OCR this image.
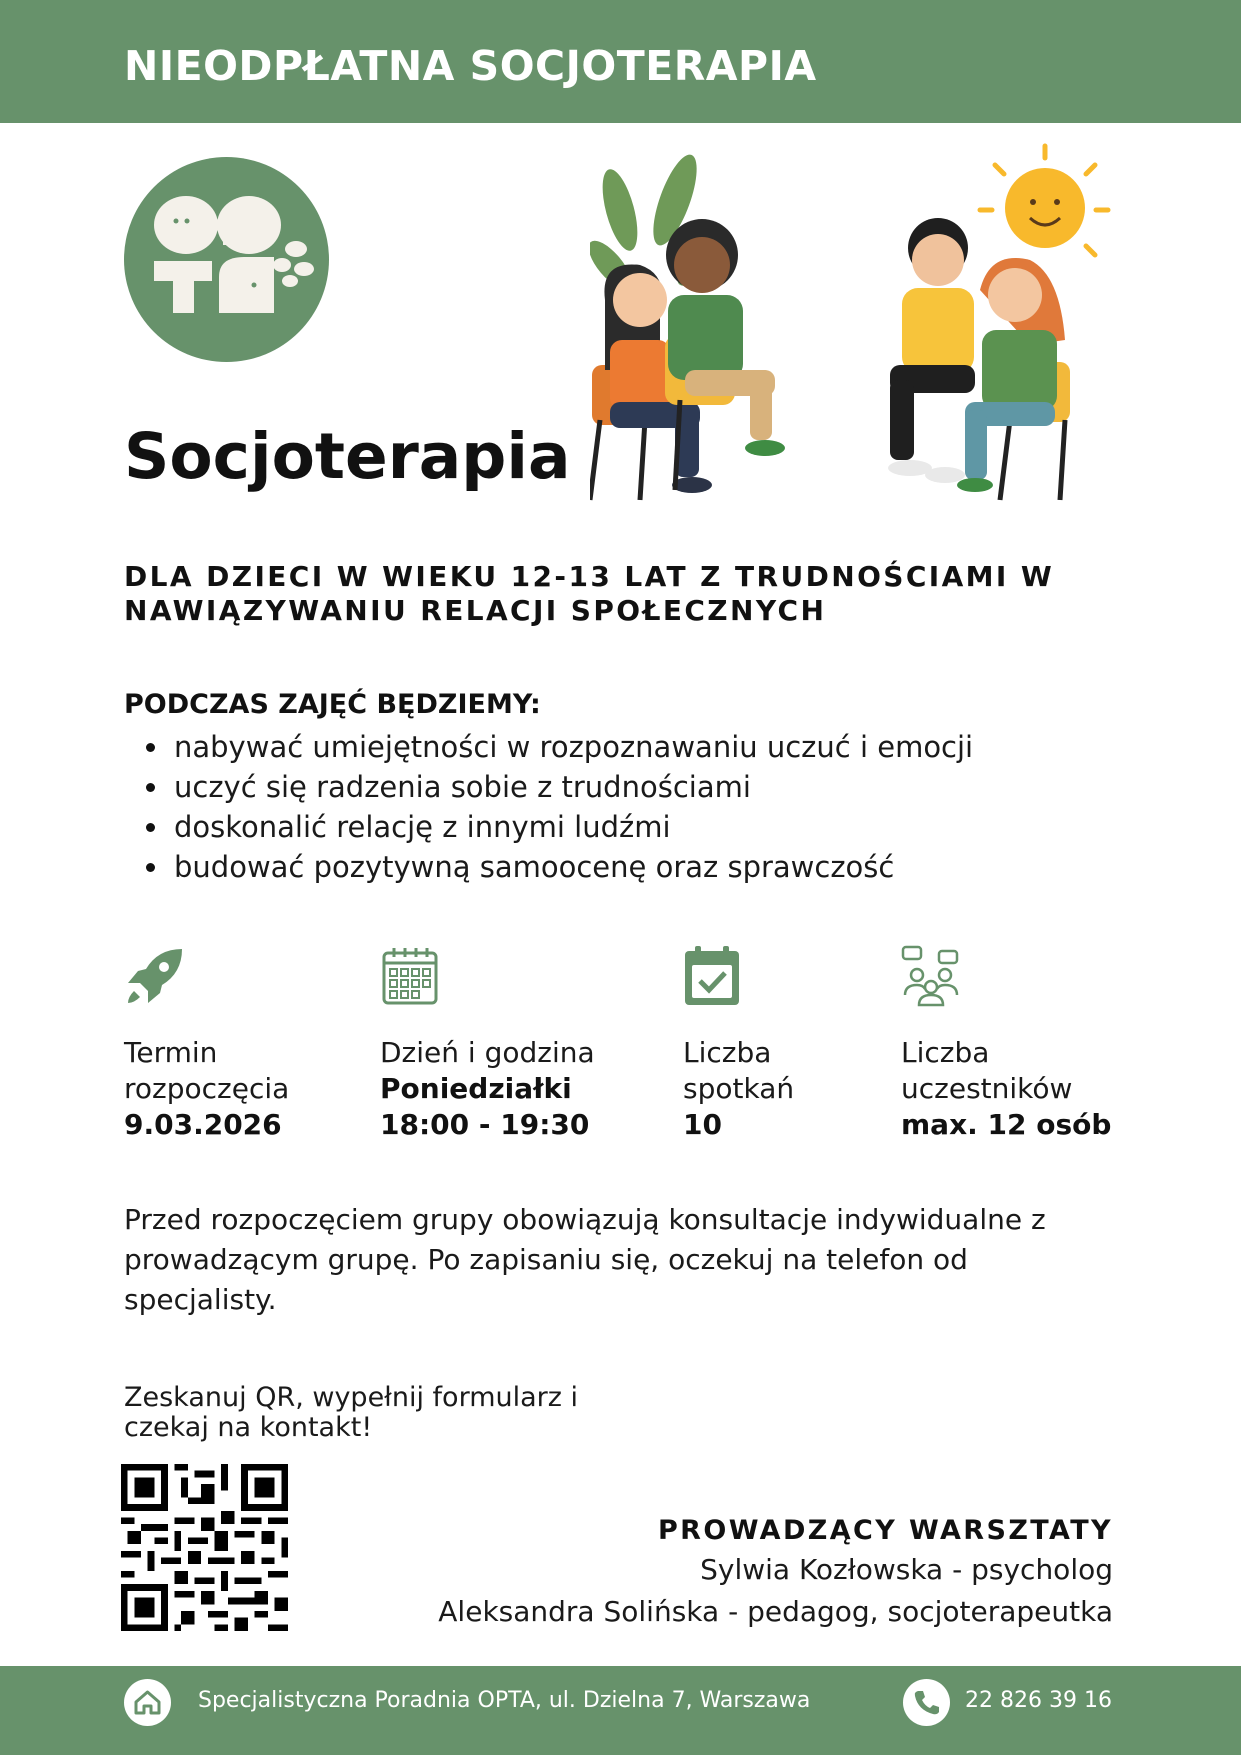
NIEODPŁATNA SOCJOTERAPIA
Socjoterapia
DLA DZIECI W WIEKU 12-13 LAT Z TRUDNOŚCIAMI W
NAWIĄZYWANIU RELACJI SPOŁECZNYCH
PODCZAS ZAJĘĆ BĘDZIEMY:
nabywać umiejętności w rozpoznawaniu uczuć i emocji
uczyć się radzenia sobie z trudnościami
doskonalić relację z innymi ludźmi
budować pozytywną samoocenę oraz sprawczość
Termin
rozpoczęcia
9.03.2026
Dzień i godzina
Poniedziałki
18:00 - 19:30
Liczba
spotkań
10
Liczba
uczestników
max. 12 osób
Przed rozpoczęciem grupy obowiązują konsultacje indywidualne z
prowadzącym grupę. Po zapisaniu się, oczekuj na telefon od
specjalisty.
Zeskanuj QR, wypełnij formularz i
czekaj na kontakt!
PROWADZĄCY WARSZTATY
Sylwia Kozłowska - psycholog
Aleksandra Solińska - pedagog, socjoterapeutka
Specjalistyczna Poradnia OPTA, ul. Dzielna 7, Warszawa	22 826 39 16
